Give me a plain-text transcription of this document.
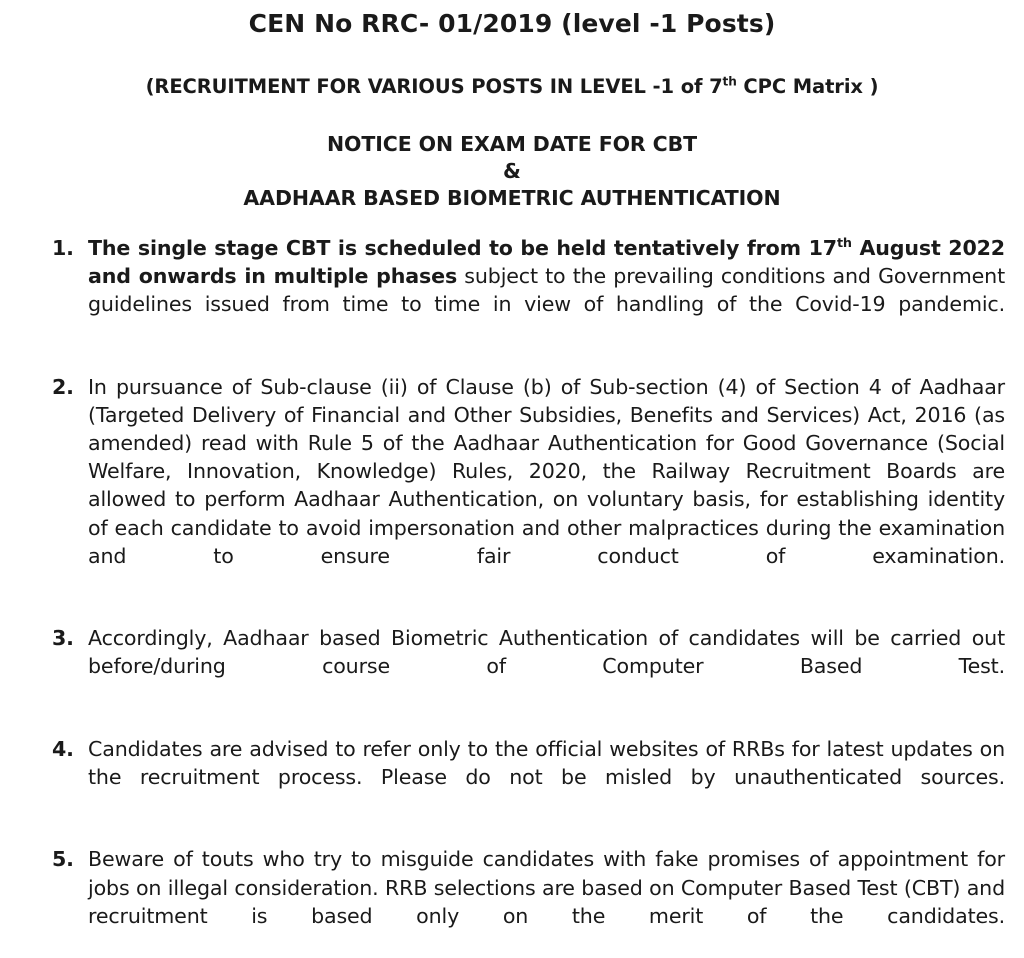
CEN No RRC- 01/2019 (level -1 Posts)

(RECRUITMENT FOR VARIOUS POSTS IN LEVEL -1 of 7th CPC Matrix )

NOTICE ON EXAM DATE FOR CBT

&

AADHAAR BASED BIOMETRIC AUTHENTICATION

1. The single stage CBT is scheduled to be held tentatively from 17th August 2022 and onwards in multiple phases subject to the prevailing conditions and Government guidelines issued from time to time in view of handling of the Covid-19 pandemic.
2. In pursuance of Sub-clause (ii) of Clause (b) of Sub-section (4) of Section 4 of Aadhaar (Targeted Delivery of Financial and Other Subsidies, Benefits and Services) Act, 2016 (as amended) read with Rule 5 of the Aadhaar Authentication for Good Governance (Social Welfare, Innovation, Knowledge) Rules, 2020, the Railway Recruitment Boards are allowed to perform Aadhaar Authentication, on voluntary basis, for establishing identity of each candidate to avoid impersonation and other malpractices during the examination and to ensure fair conduct of examination.
3. Accordingly, Aadhaar based Biometric Authentication of candidates will be carried out before/during course of Computer Based Test.
4. Candidates are advised to refer only to the official websites of RRBs for latest updates on the recruitment process. Please do not be misled by unauthenticated sources.
5. Beware of touts who try to misguide candidates with fake promises of appointment for jobs on illegal consideration. RRB selections are based on Computer Based Test (CBT) and recruitment is based only on the merit of the candidates.
